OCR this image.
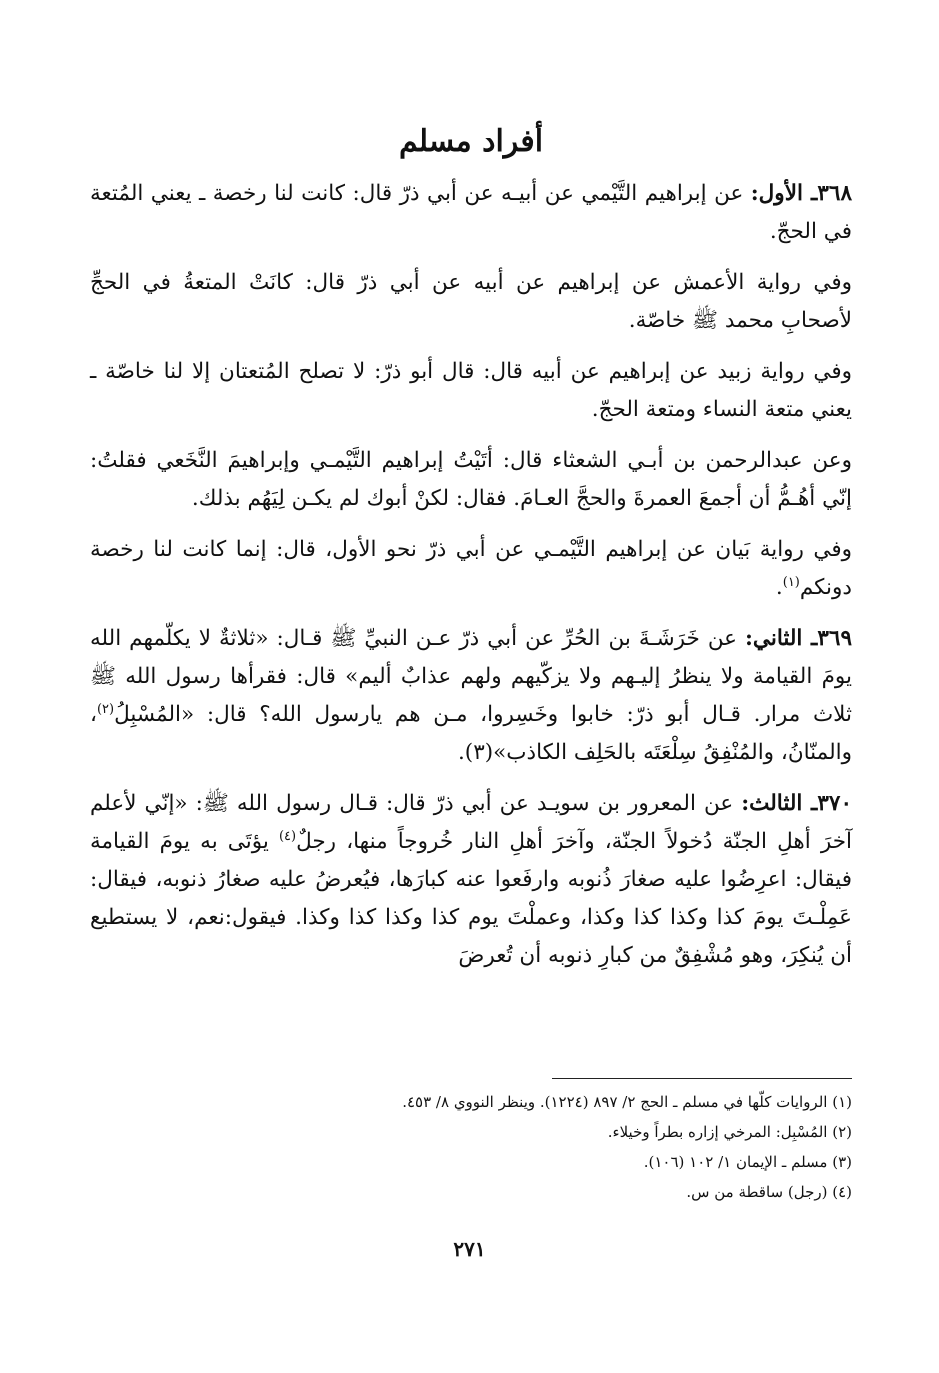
أفراد مسلم

٣٦٨ـ الأول: عن إبراهيم التَّيْمي عن أبيـه عن أبي ذرّ قال: كانت لنا رخصة ـ يعني المُتعة في الحجّ.

وفي رواية الأعمش عن إبراهيم عن أبيه عن أبي ذرّ قال: كانَتْ المتعةُ في الحجِّ لأصحابِ محمد ﷺ خاصّة.

وفي رواية زبيد عن إبراهيم عن أبيه قال: قال أبو ذرّ: لا تصلح المُتعتان إلا لنا خاصّة ـ يعني متعة النساء ومتعة الحجّ.

وعن عبدالرحمن بن أبـي الشعثاء قال: أتَيْتُ إبراهيم التَّيْمـي وإبراهيمَ النَّخَعي فقلتُ: إنّي أهُـمُّ أن أجمعَ العمرةَ والحجَّ العـامَ. فقال: لكنْ أبوك لم يكـن لِيَهُم بذلك.

وفي رواية بَيان عن إبراهيم التَّيْمـي عن أبي ذرّ نحو الأول، قال: إنما كانت لنا رخصة دونكم$^{(١)}$.

٣٦٩ـ الثاني: عن خَرَشَـةَ بن الحُرِّ عن أبي ذرّ عـن النبيِّ ﷺ قـال: «ثلاثةٌ لا يكلّمهم الله يومَ القيامة ولا ينظرُ إليـهم ولا يزكّيهم ولهم عذابٌ أليم» قال: فقرأها رسول الله ﷺ ثلاث مرار. قـال أبو ذرّ: خابوا وخَسِروا، مـن هم يارسول الله؟ قال: «المُسْبِلُ$^{(٢)}$، والمنّانُ، والمُنْفِقُ سِلْعَتَه بالحَلِف الكاذب»(٣).

٣٧٠ـ الثالث: عن المعرور بن سويـد عن أبي ذرّ قال: قـال رسول الله ﷺ: «إنّي لأعلم آخرَ أهلِ الجنّة دُخولاً الجنّة، وآخرَ أهلِ النار خُروجاً منها، رجلٌ$^{(٤)}$ يؤتَى به يومَ القيامة فيقال: اعرِضُوا عليه صغارَ ذُنوبه وارفَعوا عنه كبارَها، فيُعرضُ عليه صغارُ ذنوبه، فيقال: عَمِلْـتَ يومَ كذا وكذا كذا وكذا، وعملْتَ يوم كذا وكذا كذا وكذا. فيقول:نعم، لا يستطيع أن يُنكِرَ، وهو مُشْفِقٌ من كبارِ ذنوبه أن تُعرضَ

(١) الروايات كلّها في مسلم ـ الحج ٢/ ٨٩٧ (١٢٢٤). وينظر النووي ٨/ ٤٥٣.

(٢) المُسْبِل: المرخي إزاره بطراً وخيلاء.

(٣) مسلم ـ الإيمان ١/ ١٠٢ (١٠٦).

(٤) (رجل) ساقطة من س.

٢٧١
